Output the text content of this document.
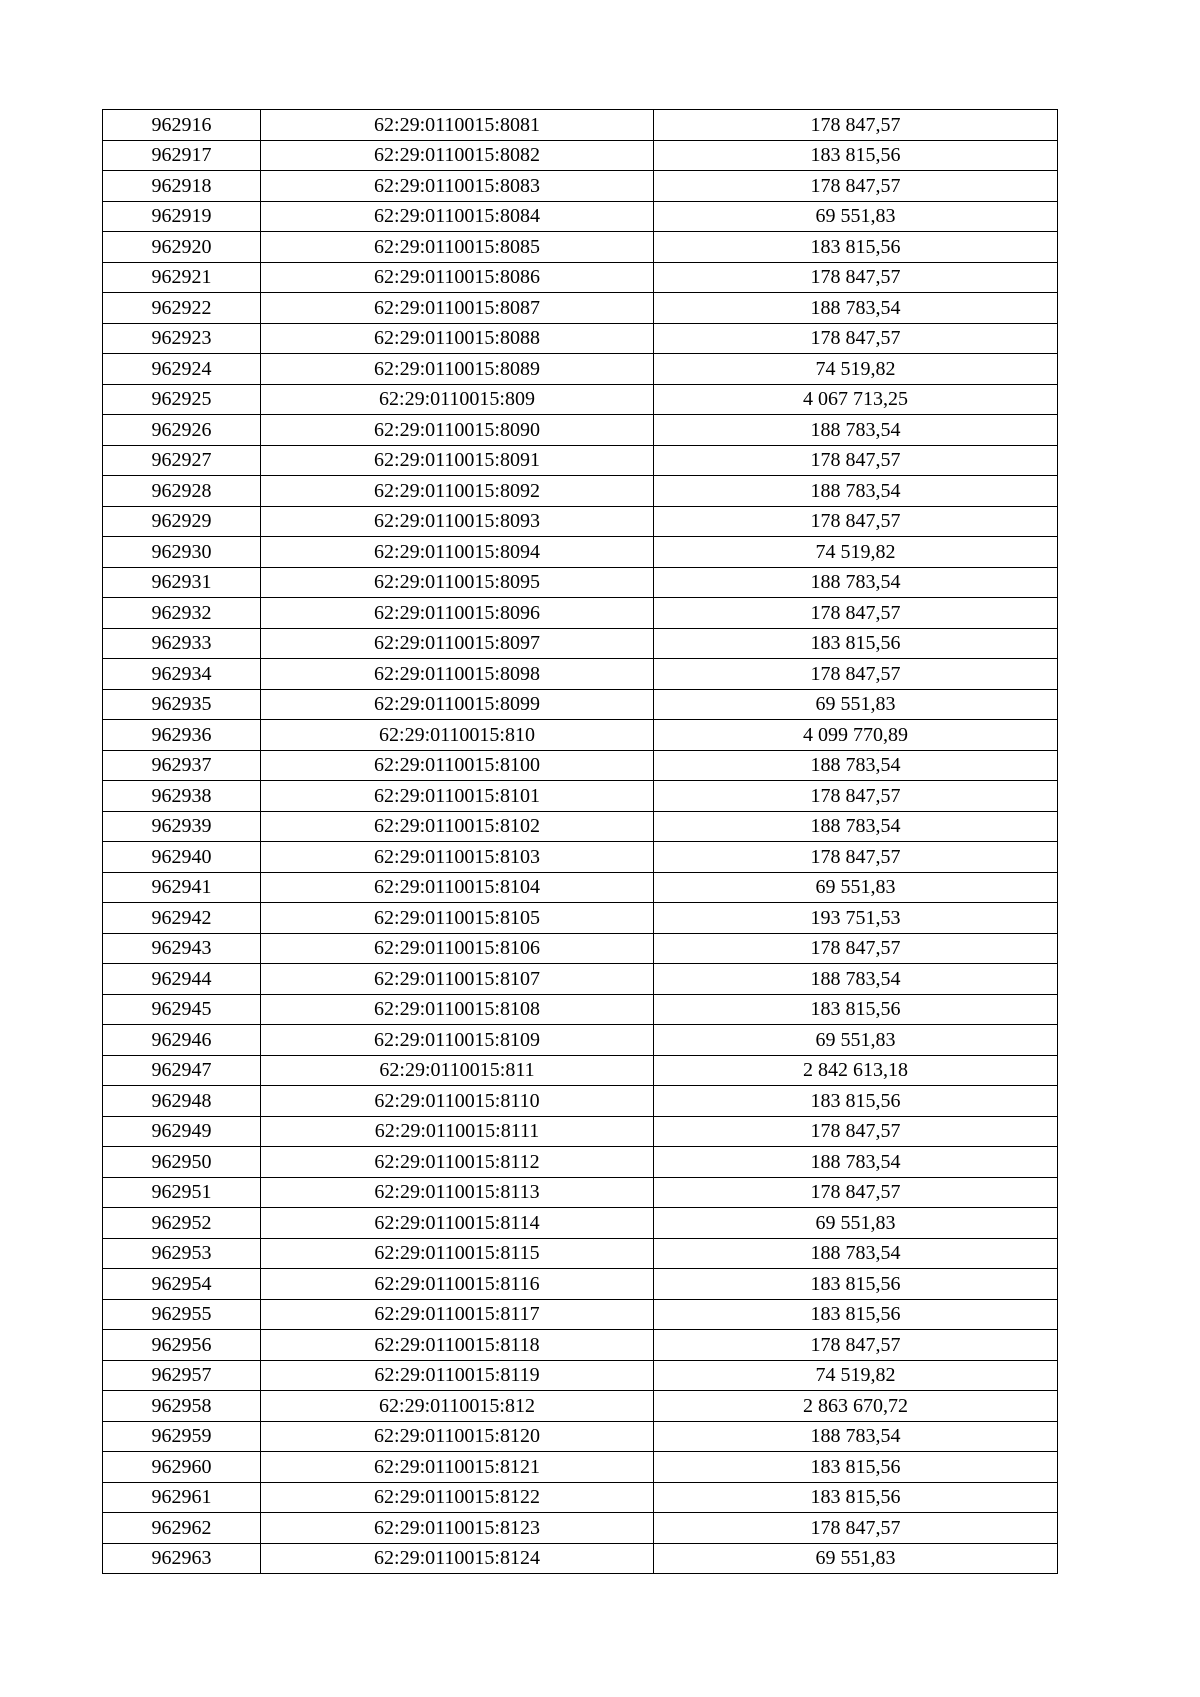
962916	62:29:0110015:8081	178 847,57
962917	62:29:0110015:8082	183 815,56
962918	62:29:0110015:8083	178 847,57
962919	62:29:0110015:8084	69 551,83
962920	62:29:0110015:8085	183 815,56
962921	62:29:0110015:8086	178 847,57
962922	62:29:0110015:8087	188 783,54
962923	62:29:0110015:8088	178 847,57
962924	62:29:0110015:8089	74 519,82
962925	62:29:0110015:809	4 067 713,25
962926	62:29:0110015:8090	188 783,54
962927	62:29:0110015:8091	178 847,57
962928	62:29:0110015:8092	188 783,54
962929	62:29:0110015:8093	178 847,57
962930	62:29:0110015:8094	74 519,82
962931	62:29:0110015:8095	188 783,54
962932	62:29:0110015:8096	178 847,57
962933	62:29:0110015:8097	183 815,56
962934	62:29:0110015:8098	178 847,57
962935	62:29:0110015:8099	69 551,83
962936	62:29:0110015:810	4 099 770,89
962937	62:29:0110015:8100	188 783,54
962938	62:29:0110015:8101	178 847,57
962939	62:29:0110015:8102	188 783,54
962940	62:29:0110015:8103	178 847,57
962941	62:29:0110015:8104	69 551,83
962942	62:29:0110015:8105	193 751,53
962943	62:29:0110015:8106	178 847,57
962944	62:29:0110015:8107	188 783,54
962945	62:29:0110015:8108	183 815,56
962946	62:29:0110015:8109	69 551,83
962947	62:29:0110015:811	2 842 613,18
962948	62:29:0110015:8110	183 815,56
962949	62:29:0110015:8111	178 847,57
962950	62:29:0110015:8112	188 783,54
962951	62:29:0110015:8113	178 847,57
962952	62:29:0110015:8114	69 551,83
962953	62:29:0110015:8115	188 783,54
962954	62:29:0110015:8116	183 815,56
962955	62:29:0110015:8117	183 815,56
962956	62:29:0110015:8118	178 847,57
962957	62:29:0110015:8119	74 519,82
962958	62:29:0110015:812	2 863 670,72
962959	62:29:0110015:8120	188 783,54
962960	62:29:0110015:8121	183 815,56
962961	62:29:0110015:8122	183 815,56
962962	62:29:0110015:8123	178 847,57
962963	62:29:0110015:8124	69 551,83
